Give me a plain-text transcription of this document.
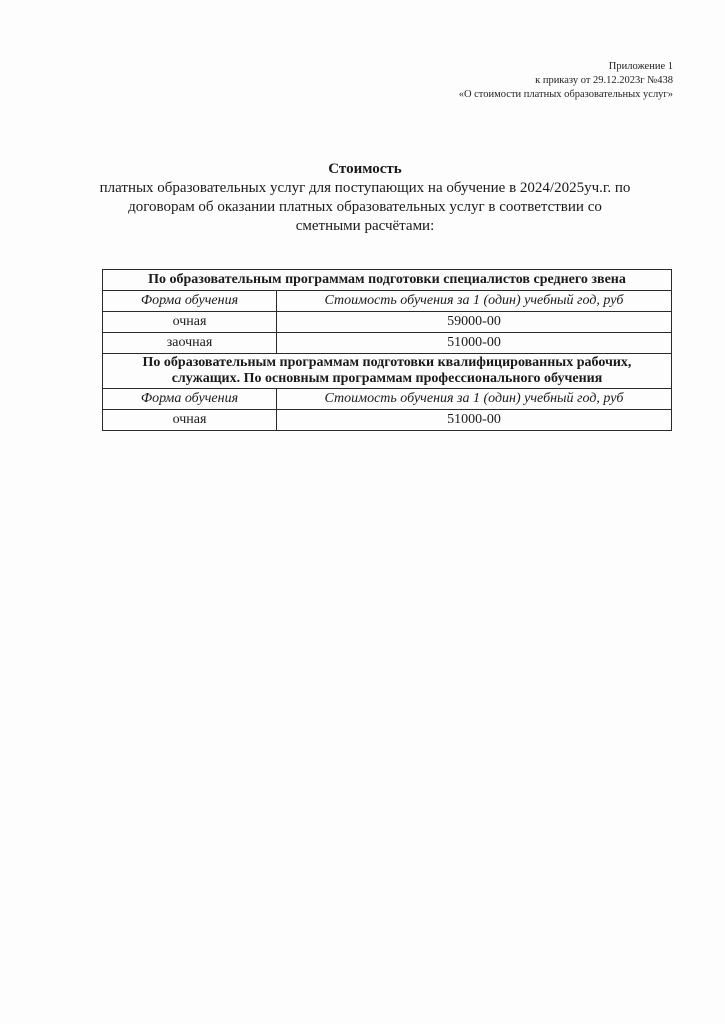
Приложение 1
к приказу от 29.12.2023г №438
«О стоимости платных образовательных услуг»
Стоимость
платных образовательных услуг для поступающих на обучение в 2024/2025уч.г. по
договорам об оказании платных образовательных услуг в соответствии со
сметными расчётами:
По образовательным программам подготовки специалистов среднего звена	
Форма обучения	Стоимость обучения за 1 (один) учебный год, руб
очная	59000-00
заочная	51000-00
По образовательным программам подготовки квалифицированных рабочих, служащих. По основным программам профессионального обучения	
Форма обучения	Стоимость обучения за 1 (один) учебный год, руб
очная	51000-00
